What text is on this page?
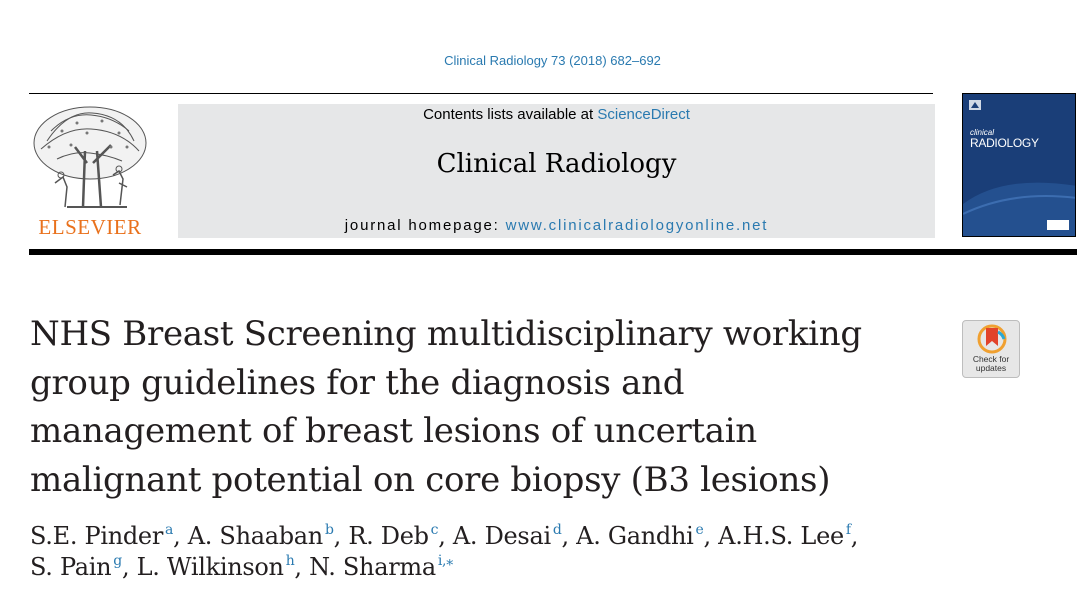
Clinical Radiology 73 (2018) 682–692
ELSEVIER
Contents lists available at ScienceDirect
Clinical Radiology
journal homepage: www.clinicalradiologyonline.net
clinical
RADIOLOGY
NHS Breast Screening multidisciplinary working
group guidelines for the diagnosis and
management of breast lesions of uncertain
malignant potential on core biopsy (B3 lesions)
Check for
updates
S.E. Pinder $^a$, A. Shaaban $^b$, R. Deb $^c$, A. Desai $^d$, A. Gandhi $^e$, A.H.S. Lee $^f$,
S. Pain $^g$, L. Wilkinson $^h$, N. Sharma $^{i,⁎}$
